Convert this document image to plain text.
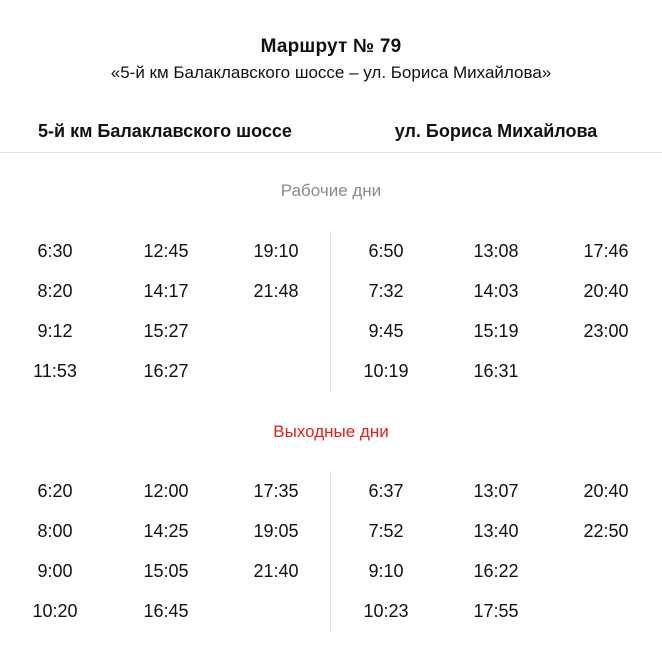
Маршрут № 79
«5-й км Балаклавского шоссе – ул. Бориса Михайлова»
5-й км Балаклавского шоссе	ул. Бориса Михайлова
Рабочие дни
6:30
8:20
9:12
11:53
12:45
14:17
15:27
16:27
19:10
21:48
6:50
7:32
9:45
10:19
13:08
14:03
15:19
16:31
17:46
20:40
23:00
Выходные дни
6:20
8:00
9:00
10:20
12:00
14:25
15:05
16:45
17:35
19:05
21:40
6:37
7:52
9:10
10:23
13:07
13:40
16:22
17:55
20:40
22:50
